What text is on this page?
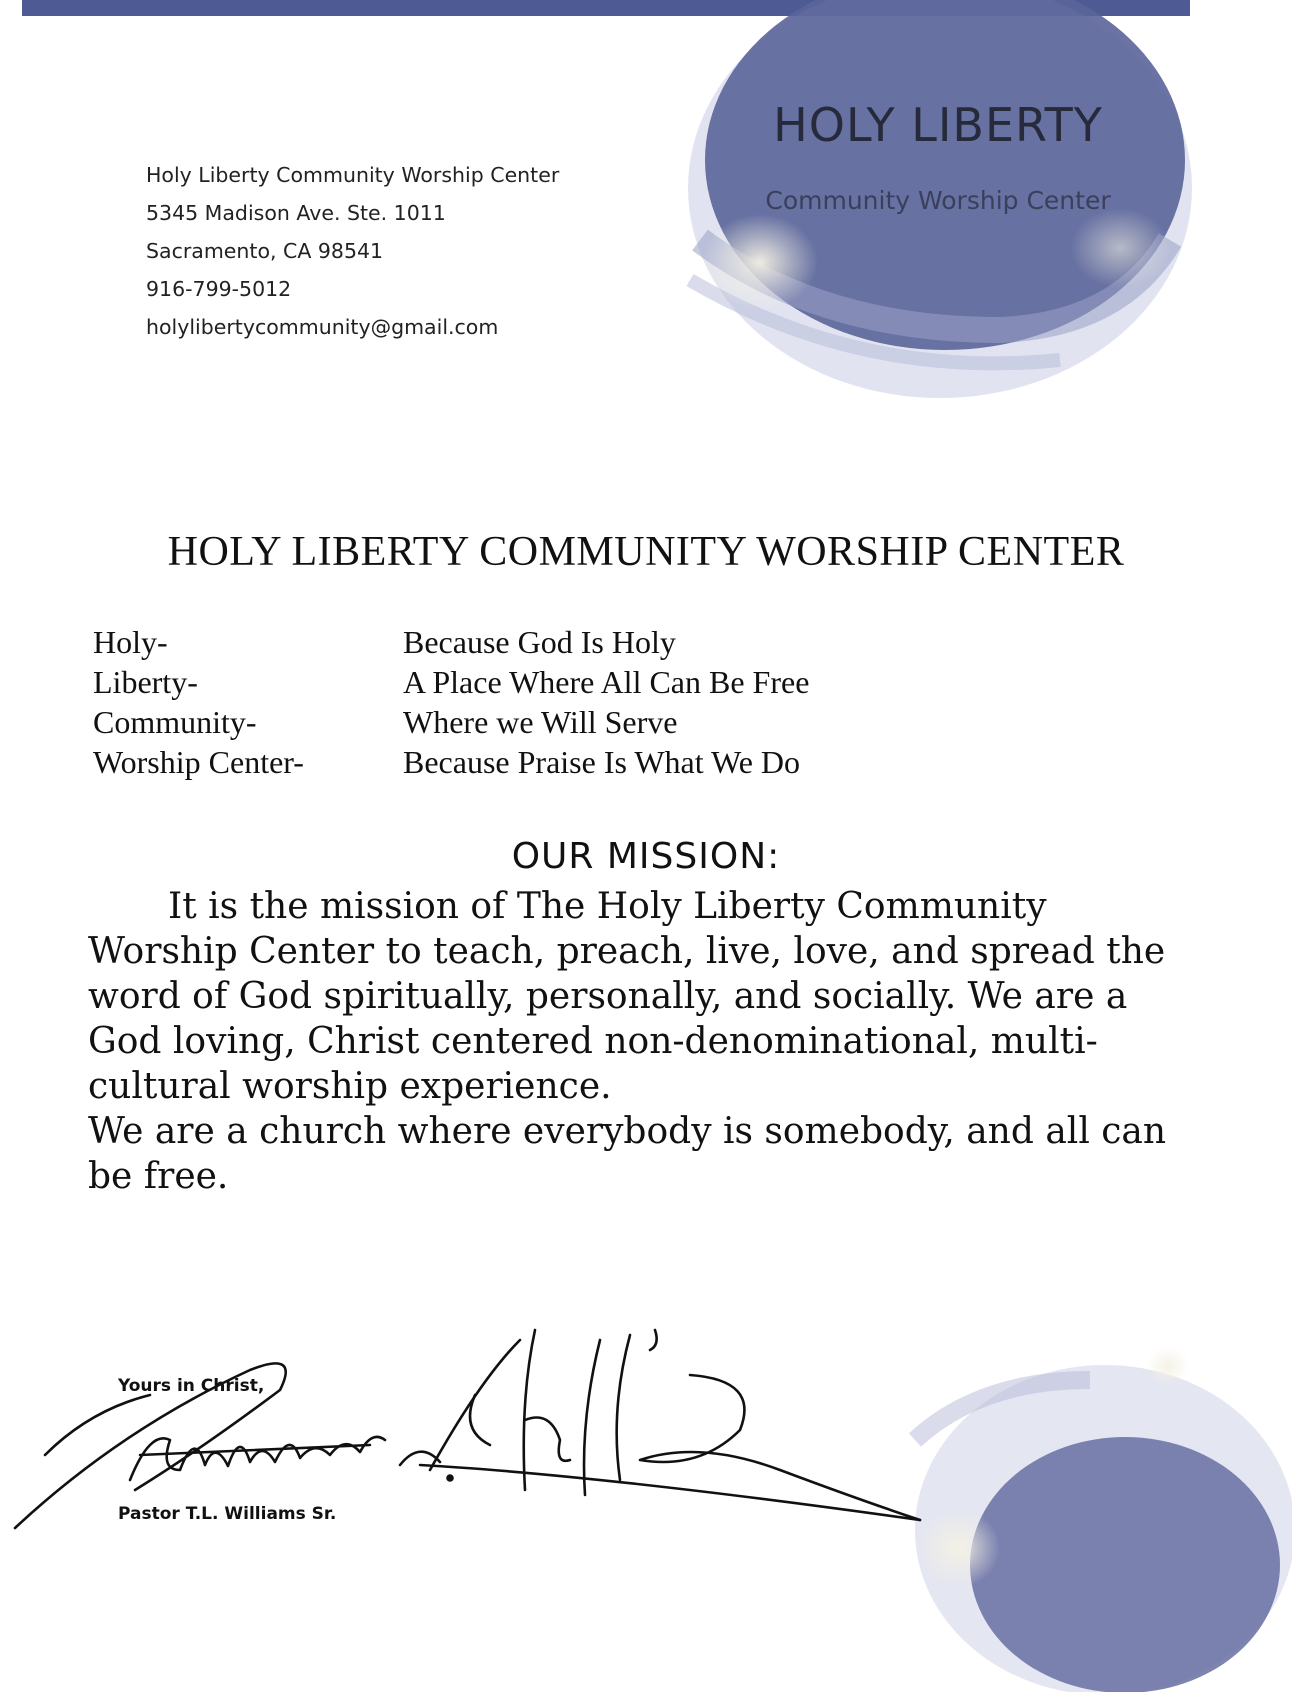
Holy Liberty Community Worship Center
5345 Madison Ave. Ste. 1011
Sacramento, CA 98541
916-799-5012
holylibertycommunity@gmail.com
HOLY LIBERTY
Community Worship Center
HOLY LIBERTY COMMUNITY WORSHIP CENTER
Holy-	Because God Is Holy
Liberty-	A Place Where All Can Be Free
Community-	Where we Will Serve
Worship Center-	Because Praise Is What We Do
OUR MISSION:

It is the mission of The Holy Liberty Community Worship Center to teach, preach, live, love, and spread the word of God spiritually, personally, and socially. We are a God loving, Christ centered non-denominational, multi-cultural worship experience.

We are a church where everybody is somebody, and all can be free.

Yours in Christ,
Pastor T.L. Williams Sr.
